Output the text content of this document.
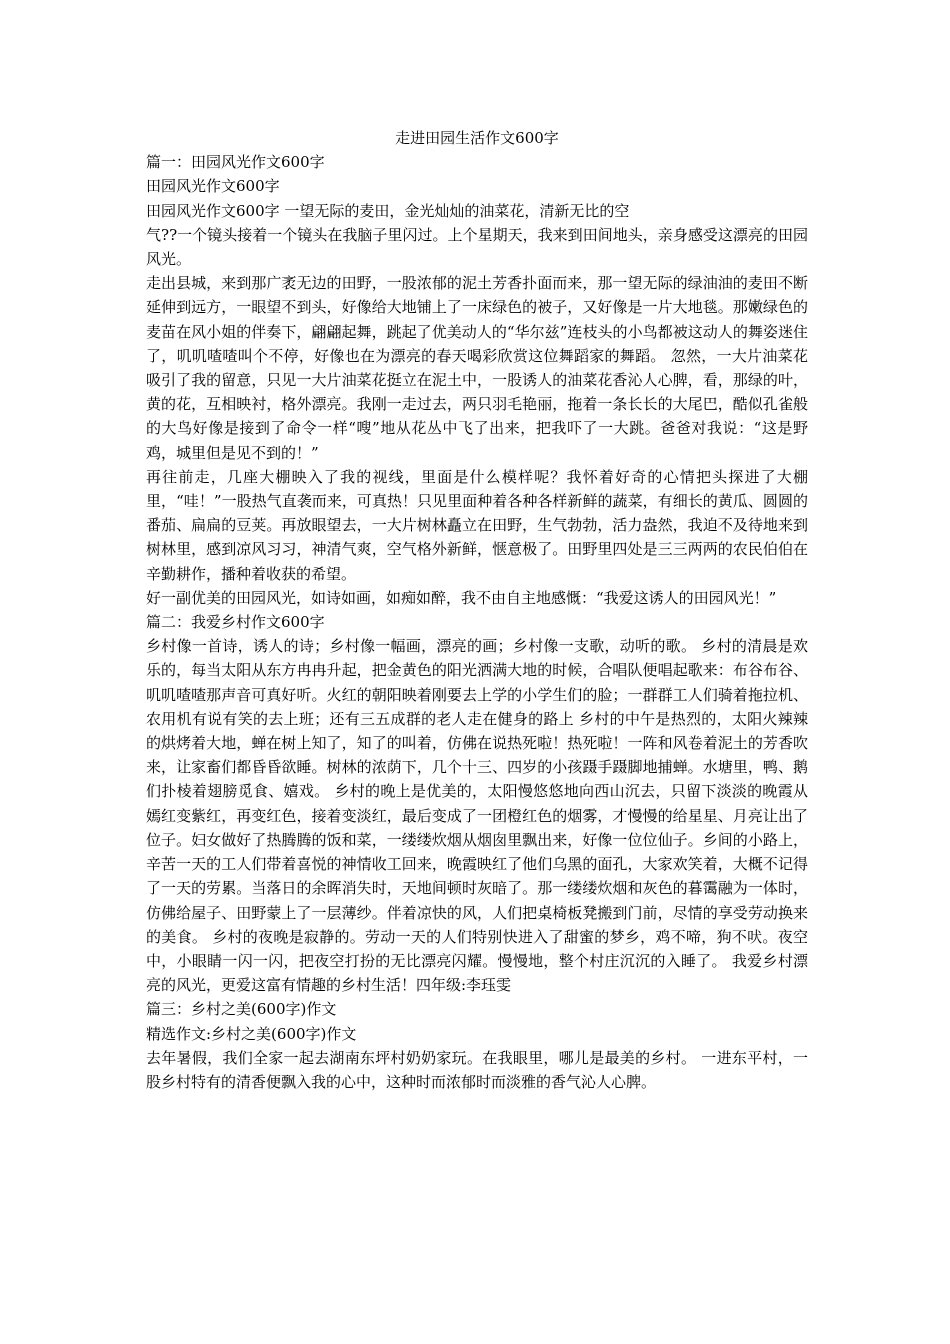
走进田园生活作文600字

篇一：田园风光作文600字

田园风光作文600字

田园风光作文600字 一望无际的麦田，金光灿灿的油菜花，清新无比的空

气??一个镜头接着一个镜头在我脑子里闪过。上个星期天，我来到田间地头，亲身感受这漂亮的田园风光。

走出县城，来到那广袤无边的田野，一股浓郁的泥土芳香扑面而来，那一望无际的绿油油的麦田不断延伸到远方，一眼望不到头，好像给大地铺上了一床绿色的被子，又好像是一片大地毯。那嫩绿色的麦苗在风小姐的伴奏下，翩翩起舞，跳起了优美动人的“华尔兹”连枝头的小鸟都被这动人的舞姿迷住了，叽叽喳喳叫个不停，好像也在为漂亮的春天喝彩欣赏这位舞蹈家的舞蹈。 忽然，一大片油菜花吸引了我的留意，只见一大片油菜花挺立在泥土中，一股诱人的油菜花香沁人心脾，看，那绿的叶，黄的花，互相映衬，格外漂亮。我刚一走过去，两只羽毛艳丽，拖着一条长长的大尾巴，酷似孔雀般的大鸟好像是接到了命令一样“嗖”地从花丛中飞了出来，把我吓了一大跳。爸爸对我说：“这是野鸡，城里但是见不到的！”

再往前走，几座大棚映入了我的视线，里面是什么模样呢？我怀着好奇的心情把头探进了大棚里，“哇！”一股热气直袭而来，可真热！只见里面种着各种各样新鲜的蔬菜，有细长的黄瓜、圆圆的番茄、扁扁的豆荚。再放眼望去，一大片树林矗立在田野，生气勃勃，活力盎然，我迫不及待地来到树林里，感到凉风习习，神清气爽，空气格外新鲜，惬意极了。田野里四处是三三两两的农民伯伯在辛勤耕作，播种着收获的希望。

好一副优美的田园风光，如诗如画，如痴如醉，我不由自主地感慨：“我爱这诱人的田园风光！”

篇二：我爱乡村作文600字

乡村像一首诗，诱人的诗；乡村像一幅画，漂亮的画；乡村像一支歌，动听的歌。 乡村的清晨是欢乐的，每当太阳从东方冉冉升起，把金黄色的阳光洒满大地的时候，合唱队便唱起歌来：布谷布谷、叽叽喳喳那声音可真好听。火红的朝阳映着刚要去上学的小学生们的脸；一群群工人们骑着拖拉机、农用机有说有笑的去上班；还有三五成群的老人走在健身的路上 乡村的中午是热烈的，太阳火辣辣的烘烤着大地，蝉在树上知了，知了的叫着，仿佛在说热死啦！热死啦！一阵和风卷着泥土的芳香吹来，让家畜们都昏昏欲睡。树林的浓荫下，几个十三、四岁的小孩蹑手蹑脚地捕蝉。水塘里，鸭、鹅们扑棱着翅膀觅食、嬉戏。 乡村的晚上是优美的，太阳慢悠悠地向西山沉去，只留下淡淡的晚霞从嫣红变紫红，再变红色，接着变淡红，最后变成了一团橙红色的烟雾，才慢慢的给星星、月亮让出了位子。妇女做好了热腾腾的饭和菜，一缕缕炊烟从烟囱里飘出来，好像一位位仙子。乡间的小路上，辛苦一天的工人们带着喜悦的神情收工回来，晚霞映红了他们乌黑的面孔，大家欢笑着，大概不记得了一天的劳累。当落日的余晖消失时，天地间顿时灰暗了。那一缕缕炊烟和灰色的暮霭融为一体时，仿佛给屋子、田野蒙上了一层薄纱。伴着凉快的风，人们把桌椅板凳搬到门前，尽情的享受劳动换来的美食。 乡村的夜晚是寂静的。劳动一天的人们特别快进入了甜蜜的梦乡，鸡不啼，狗不吠。夜空中，小眼睛一闪一闪，把夜空打扮的无比漂亮闪耀。慢慢地，整个村庄沉沉的入睡了。 我爱乡村漂亮的风光，更爱这富有情趣的乡村生活！四年级:李珏雯

篇三：乡村之美(600字)作文

精选作文:乡村之美(600字)作文

去年暑假，我们全家一起去湖南东坪村奶奶家玩。在我眼里，哪儿是最美的乡村。 一进东平村，一股乡村特有的清香便飘入我的心中，这种时而浓郁时而淡雅的香气沁人心脾。
